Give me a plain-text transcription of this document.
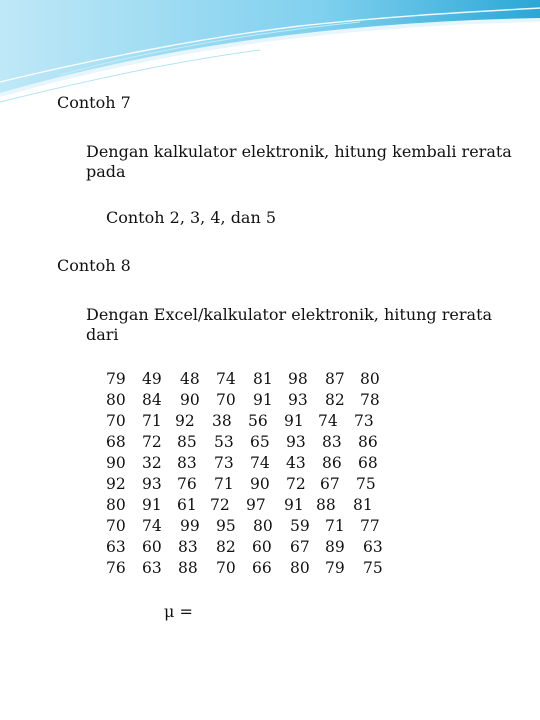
Contoh 7
Dengan kalkulator elektronik, hitung kembali rerata pada
Contoh 2, 3, 4, dan 5
Contoh 8
Dengan Excel/kalkulator elektronik, hitung rerata dari
79 49 48 74 81 98 87 80
80 84 90 70 91 93 82 78
70 71 92 38 56 91 74 73
68 72 85 53 65 93 83 86
90 32 83 73 74 43 86 68
92 93 76 71 90 72 67 75
80 91 61 72 97 91 88 81
70 74 99 95 80 59 71 77
63 60 83 82 60 67 89 63
76 63 88 70 66 80 79 75
μ =
